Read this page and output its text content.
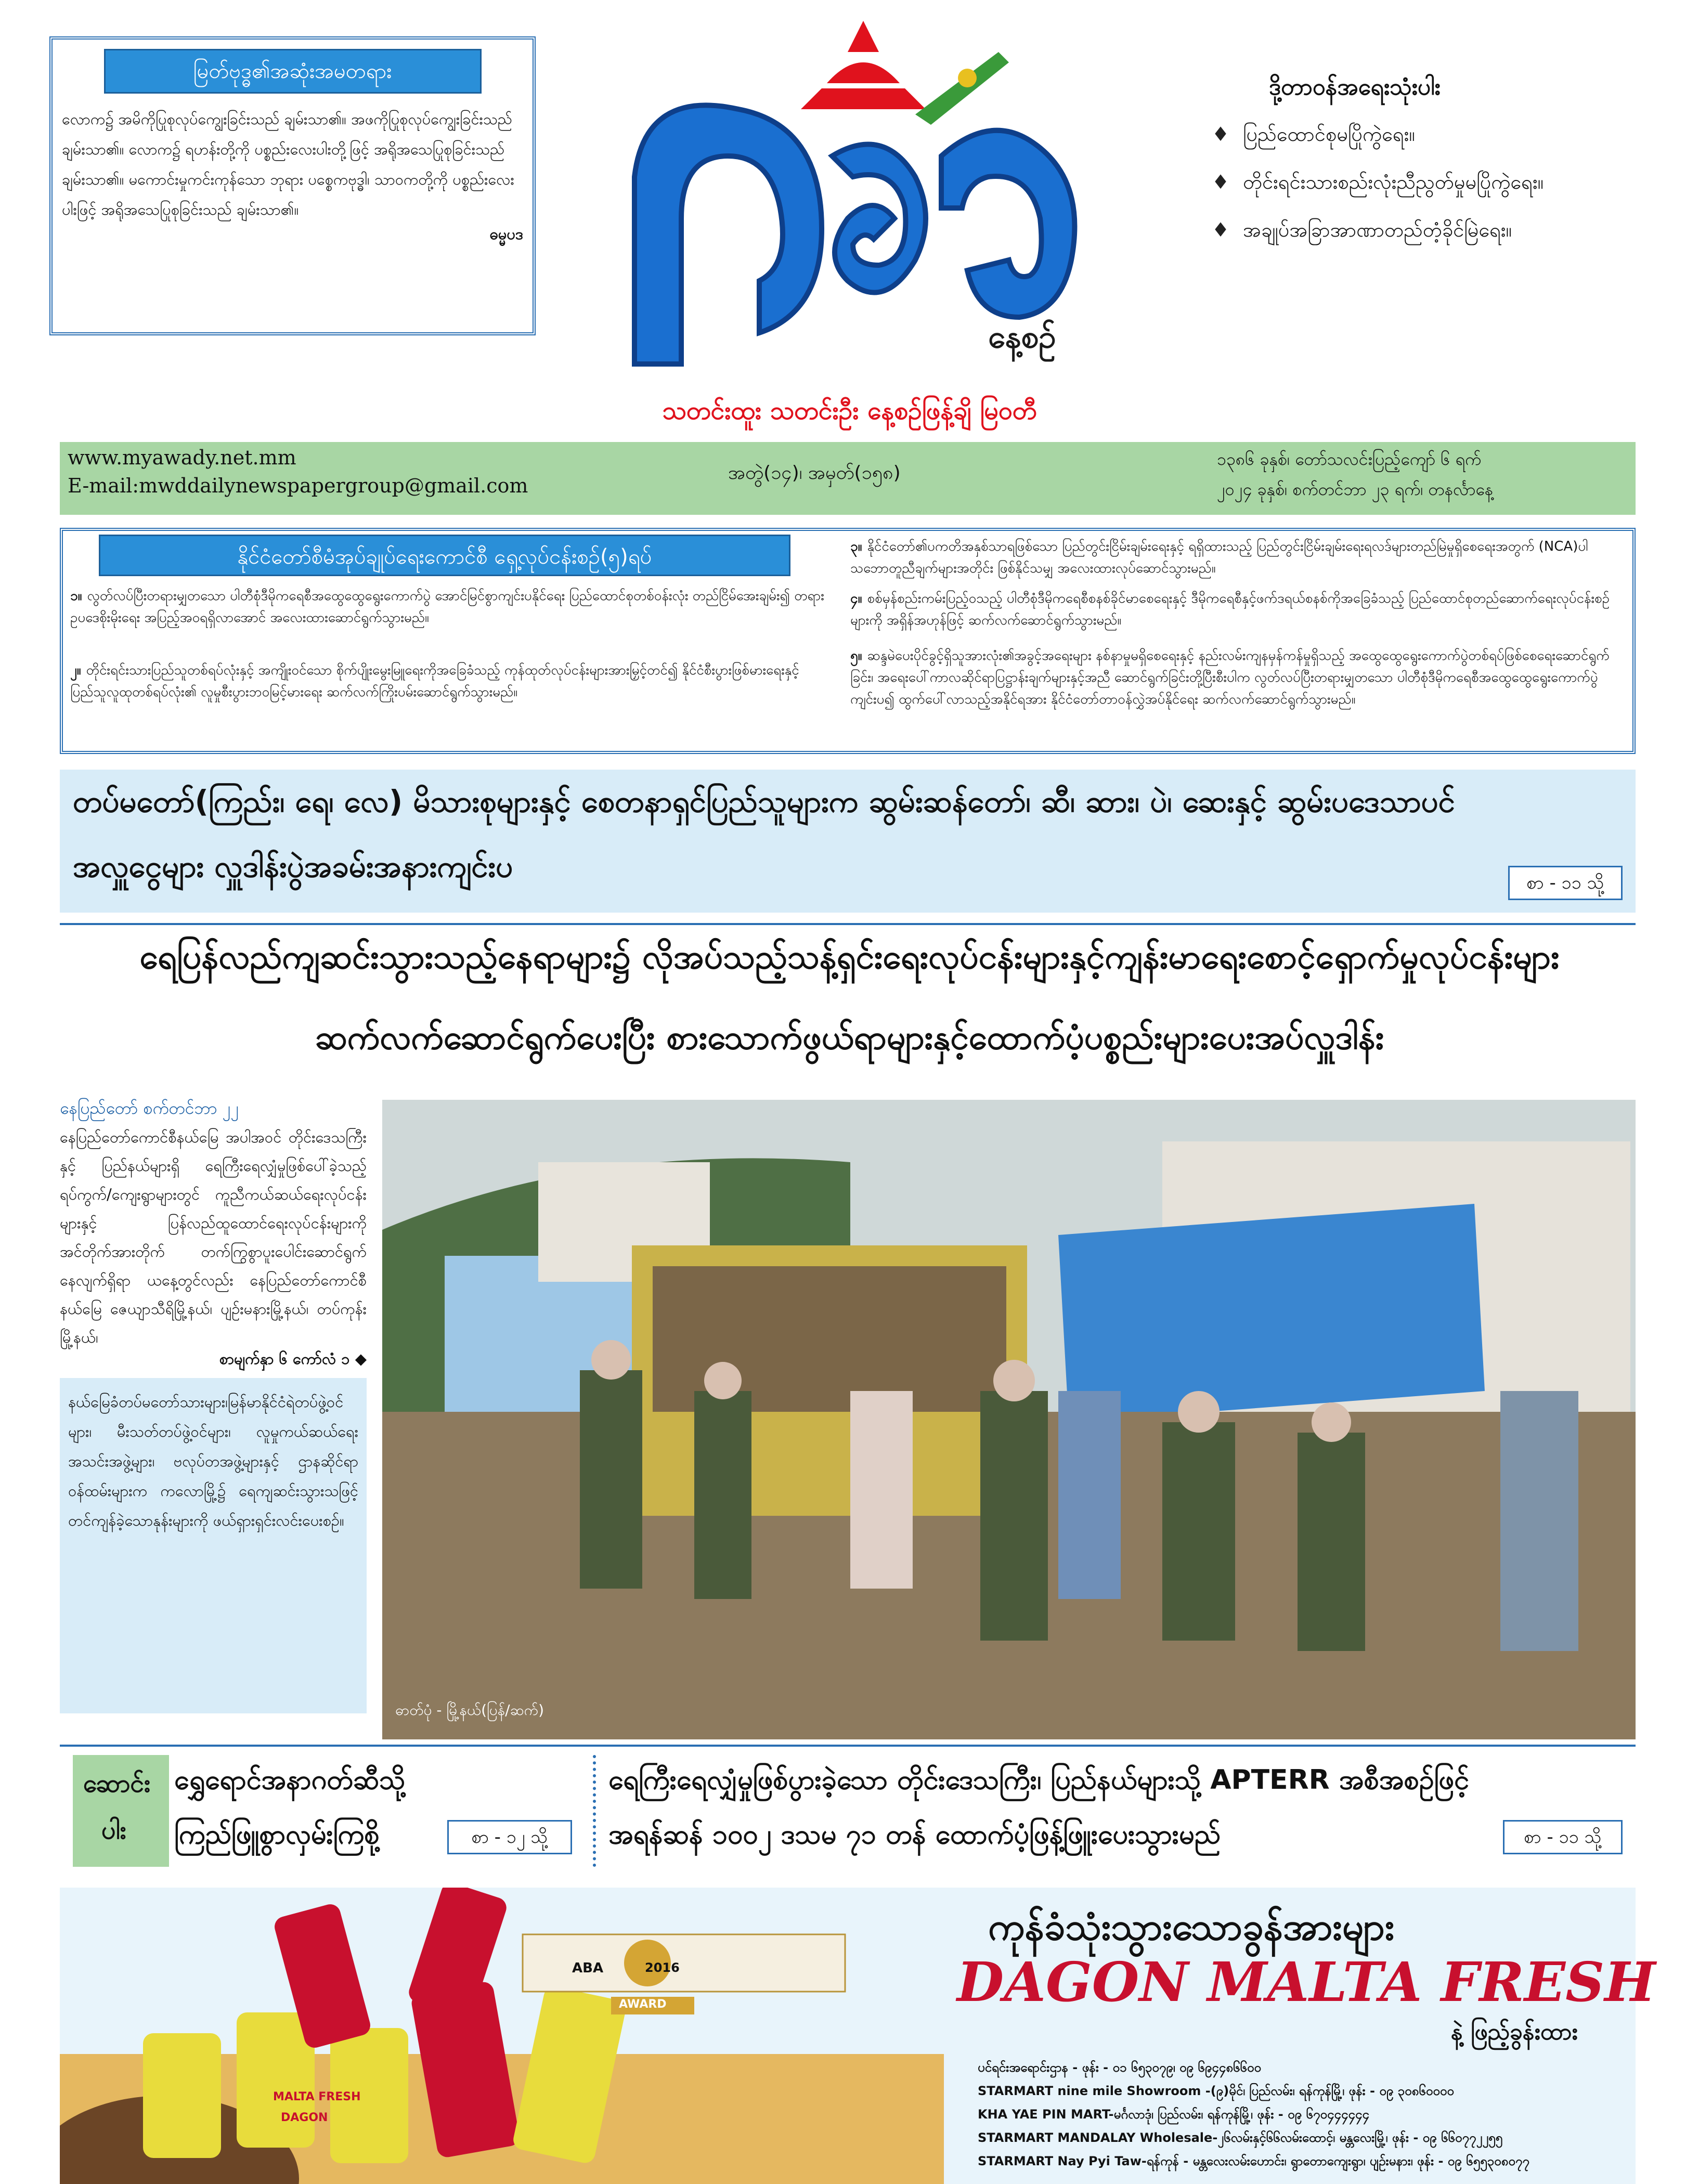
မြတ်ဗုဒ္ဓ၏အဆုံးအမတရား
လောက၌ အမိကိုပြုစုလုပ်ကျွေးခြင်းသည် ချမ်းသာ၏။ အဖကိုပြုစုလုပ်ကျွေးခြင်းသည် ချမ်းသာ၏။ လောက၌ ရဟန်းတို့ကို ပစ္စည်းလေးပါးတို့ဖြင့် အရိုအသေပြုစုခြင်းသည် ချမ်းသာ၏။ မကောင်းမှုကင်းကုန်သော ဘုရား ပစ္စေကဗုဒ္ဓါ၊ သာဝကတို့ကို ပစ္စည်းလေးပါးဖြင့် အရိုအသေပြုစုခြင်းသည် ချမ်းသာ၏။
ဓမ္မပဒ
နေ့စဉ်
သတင်းထူး သတင်းဦး နေ့စဉ်ဖြန့်ချိ မြဝတီ
ဒို့တာဝန်အရေးသုံးပါး
♦ ပြည်ထောင်စုမပြိုကွဲရေး။
♦ တိုင်းရင်းသားစည်းလုံးညီညွတ်မှုမပြိုကွဲရေး။
♦ အချုပ်အခြာအာဏာတည်တံ့ခိုင်မြဲရေး။
www.myawady.net.mm
E-mail:mwddailynewspapergroup@gmail.com
အတွဲ(၁၄)၊ အမှတ်(၁၅၈)
၁၃၈၆ ခုနှစ်၊ တော်သလင်းပြည့်ကျော် ၆ ရက်
၂၀၂၄ ခုနှစ်၊ စက်တင်ဘာ ၂၃ ရက်၊ တနင်္လာနေ့
နိုင်ငံတော်စီမံအုပ်ချုပ်ရေးကောင်စီ ရှေ့လုပ်ငန်းစဉ်(၅)ရပ်
၁။ လွတ်လပ်ပြီးတရားမျှတသော ပါတီစုံဒီမိုကရေစီအထွေထွေရွေးကောက်ပွဲ အောင်မြင်စွာကျင်းပနိုင်ရေး ပြည်ထောင်စုတစ်ဝန်းလုံး တည်ငြိမ်အေးချမ်း၍ တရားဥပဒေစိုးမိုးရေး အပြည့်အဝရရှိလာအောင် အလေးထားဆောင်ရွက်သွားမည်။
၂။ တိုင်းရင်းသားပြည်သူတစ်ရပ်လုံးနှင့် အကျိုးဝင်သော စိုက်ပျိုးမွေးမြူရေးကိုအခြေခံသည့် ကုန်ထုတ်လုပ်ငန်းများအားမြှင့်တင်၍ နိုင်ငံစီးပွားဖြစ်မားရေးနှင့် ပြည်သူလူထုတစ်ရပ်လုံး၏ လူမှုစီးပွားဘဝမြင့်မားရေး ဆက်လက်ကြိုးပမ်းဆောင်ရွက်သွားမည်။
၃။ နိုင်ငံတော်၏ပကတိအနှစ်သာရဖြစ်သော ပြည်တွင်းငြိမ်းချမ်းရေးနှင့် ရရှိထားသည့် ပြည်တွင်းငြိမ်းချမ်းရေးရလဒ်များတည်မြဲမှုရှိစေရေးအတွက် (NCA)ပါ သဘောတူညီချက်များအတိုင်း ဖြစ်နိုင်သမျှ အလေးထားလုပ်ဆောင်သွားမည်။
၄။ စစ်မှန်စည်းကမ်းပြည့်ဝသည့် ပါတီစုံဒီမိုကရေစီစနစ်ခိုင်မာစေရေးနှင့် ဒီမိုကရေစီနှင့်ဖက်ဒရယ်စနစ်ကိုအခြေခံသည့် ပြည်ထောင်စုတည်ဆောက်ရေးလုပ်ငန်းစဉ်များကို အရှိန်အဟုန်ဖြင့် ဆက်လက်ဆောင်ရွက်သွားမည်။
၅။ ဆန္ဒမဲပေးပိုင်ခွင့်ရှိသူအားလုံး၏အခွင့်အရေးများ နစ်နာမှုမရှိစေရေးနှင့် နည်းလမ်းကျနမှန်ကန်မှုရှိသည့် အထွေထွေရွေးကောက်ပွဲတစ်ရပ်ဖြစ်စေရေးဆောင်ရွက်ခြင်း၊ အရေးပေါ်ကာလဆိုင်ရာပြဋ္ဌာန်းချက်များနှင့်အညီ ဆောင်ရွက်ခြင်းတို့ပြီးစီးပါက လွတ်လပ်ပြီးတရားမျှတသော ပါတီစုံဒီမိုကရေစီအထွေထွေရွေးကောက်ပွဲကျင်းပ၍ ထွက်ပေါ်လာသည့်အနိုင်ရအား နိုင်ငံတော်တာဝန်လွှဲအပ်နိုင်ရေး ဆက်လက်ဆောင်ရွက်သွားမည်။
တပ်မတော်(ကြည်း၊ ရေ၊ လေ) မိသားစုများနှင့် စေတနာရှင်ပြည်သူများက ဆွမ်းဆန်တော်၊ ဆီ၊ ဆား၊ ပဲ၊ ဆေးနှင့် ဆွမ်းပဒေသာပင်
အလှူငွေများ လှူဒါန်းပွဲအခမ်းအနားကျင်းပ	စာ - ၁၁ သို့
ရေပြန်လည်ကျဆင်းသွားသည့်နေရာများ၌ လိုအပ်သည့်သန့်ရှင်းရေးလုပ်ငန်းများနှင့်ကျန်းမာရေးစောင့်ရှောက်မှုလုပ်ငန်းများ
ဆက်လက်ဆောင်ရွက်ပေးပြီး စားသောက်ဖွယ်ရာများနှင့်ထောက်ပံ့ပစ္စည်းများပေးအပ်လှူဒါန်း
နေပြည်တော် စက်တင်ဘာ ၂၂
နေပြည်တော်ကောင်စီနယ်မြေ အပါအဝင် တိုင်းဒေသကြီးနှင့် ပြည်နယ်များရှိ ရေကြီးရေလျှံမှုဖြစ်ပေါ်ခဲ့သည့် ရပ်ကွက်/ကျေးရွာများတွင် ကူညီကယ်ဆယ်ရေးလုပ်ငန်းများနှင့် ပြန်လည်ထူထောင်ရေးလုပ်ငန်းများကို အင်တိုက်အားတိုက် တက်ကြွစွာပူးပေါင်းဆောင်ရွက်နေလျက်ရှိရာ ယနေ့တွင်လည်း နေပြည်တော်ကောင်စီနယ်မြေ ဇေယျာသီရိမြို့နယ်၊ ပျဉ်းမနားမြို့နယ်၊ တပ်ကုန်းမြို့နယ်၊
စာမျက်နှာ ၆ ကော်လံ ၁ ◆
နယ်မြေခံတပ်မတော်သားများ၊မြန်မာနိုင်ငံရဲတပ်ဖွဲ့ဝင်များ၊ မီးသတ်တပ်ဖွဲ့ဝင်များ၊ လူမှုကယ်ဆယ်ရေး အသင်းအဖွဲ့များ၊ ဗလုပ်တအဖွဲ့များနှင့် ဌာနဆိုင်ရာဝန်ထမ်းများက ကလောမြို့၌ ရေကျဆင်းသွားသဖြင့် တင်ကျန်ခဲ့သောနုန်းများကို ဖယ်ရှားရှင်းလင်းပေးစဉ်။
ဓာတ်ပုံ - မြို့နယ်(ပြန်/ဆက်)
ဆောင်း
ပါး
ရွှေရောင်အနာဂတ်ဆီသို့
ကြည်ဖြူစွာလှမ်းကြစို့	စာ - ၁၂ သို့
ရေကြီးရေလျှံမှုဖြစ်ပွားခဲ့သော တိုင်းဒေသကြီး၊ ပြည်နယ်များသို့ APTERR အစီအစဉ်ဖြင့်
အရန်ဆန် ၁၀၀၂ ဒသမ ၇၁ တန် ထောက်ပံ့ဖြန့်ဖြူးပေးသွားမည်	စာ - ၁၁ သို့
ABA	2016
AWARD
MALTA FRESH
DAGON
ကုန်ခံသုံးသွားသောခွန်အားများ
DAGON MALTA FRESH
နဲ့ ဖြည့်ခွန်းထား
ပင်ရင်းအရောင်းဌာန - ဖုန်း - ၀၁ ၆၅၃၀၇၉၊ ၀၉ ၆၉၄၄၈၆၆၀၀
STARMART nine mile Showroom -(၉)မိုင်၊ ပြည်လမ်း၊ ရန်ကုန်မြို့၊ ဖုန်း - ၀၉ ၃၀၈၆၀၀၀၀
KHA YAE PIN MART-မင်္ဂလာဒုံ၊ ပြည်လမ်း၊ ရန်ကုန်မြို့၊ ဖုန်း - ၀၉ ၆၇၀၄၄၄၄၄၄
STARMART MANDALAY Wholesale-၂၆လမ်းနှင့်၆၆လမ်းထောင့်၊ မန္တလေးမြို့၊ ဖုန်း - ၀၉ ၆၆၀၇၇၂၂၅၅
STARMART Nay Pyi Taw-ရန်ကုန် - မန္တလေးလမ်းဟောင်း၊ ရွာတောကျေးရွာ၊ ပျဉ်းမနား၊ ဖုန်း - ၀၉ ၆၅၅၃၀၈၀၇၇
